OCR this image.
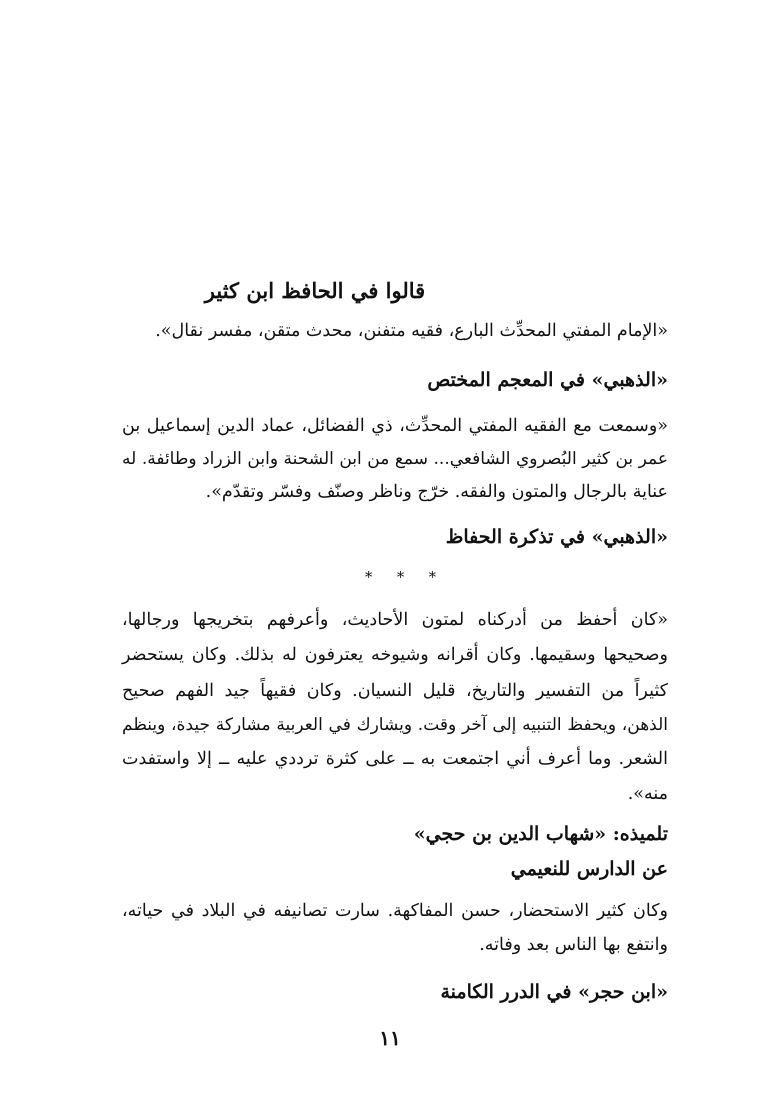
قالوا في الحافظ ابن كثير

«الإمام المفتي المحدِّث البارع، فقيه متفنن، محدث متقن، مفسر نقال».

«الذهبي» في المعجم المختص

«وسمعت مع الفقيه المفتي المحدِّث، ذي الفضائل، عماد الدين إسماعيل بن

عمر بن كثير البُصروي الشافعي... سمع من ابن الشحنة وابن الزراد وطائفة. له

عناية بالرجال والمتون والفقه. خرّج وناظر وصنّف وفسّر وتقدّم».

«الذهبي» في تذكرة الحفاظ
* * *

«كان أحفظ من أدركناه لمتون الأحاديث، وأعرفهم بتخريجها ورجالها،

وصحيحها وسقيمها. وكان أقرانه وشيوخه يعترفون له بذلك. وكان يستحضر

كثيراً من التفسير والتاريخ، قليل النسيان. وكان فقيهاً جيد الفهم صحيح

الذهن، ويحفظ التنبيه إلى آخر وقت. ويشارك في العربية مشاركة جيدة، وينظم

الشعر. وما أعرف أني اجتمعت به ــ على كثرة ترددي عليه ــ إلا واستفدت

منه».

تلميذه: «شهاب الدين بن حجي»
عن الدارس للنعيمي

وكان كثير الاستحضار، حسن المفاكهة. سارت تصانيفه في البلاد في حياته،

وانتفع بها الناس بعد وفاته.

«ابن حجر» في الدرر الكامنة
١١
